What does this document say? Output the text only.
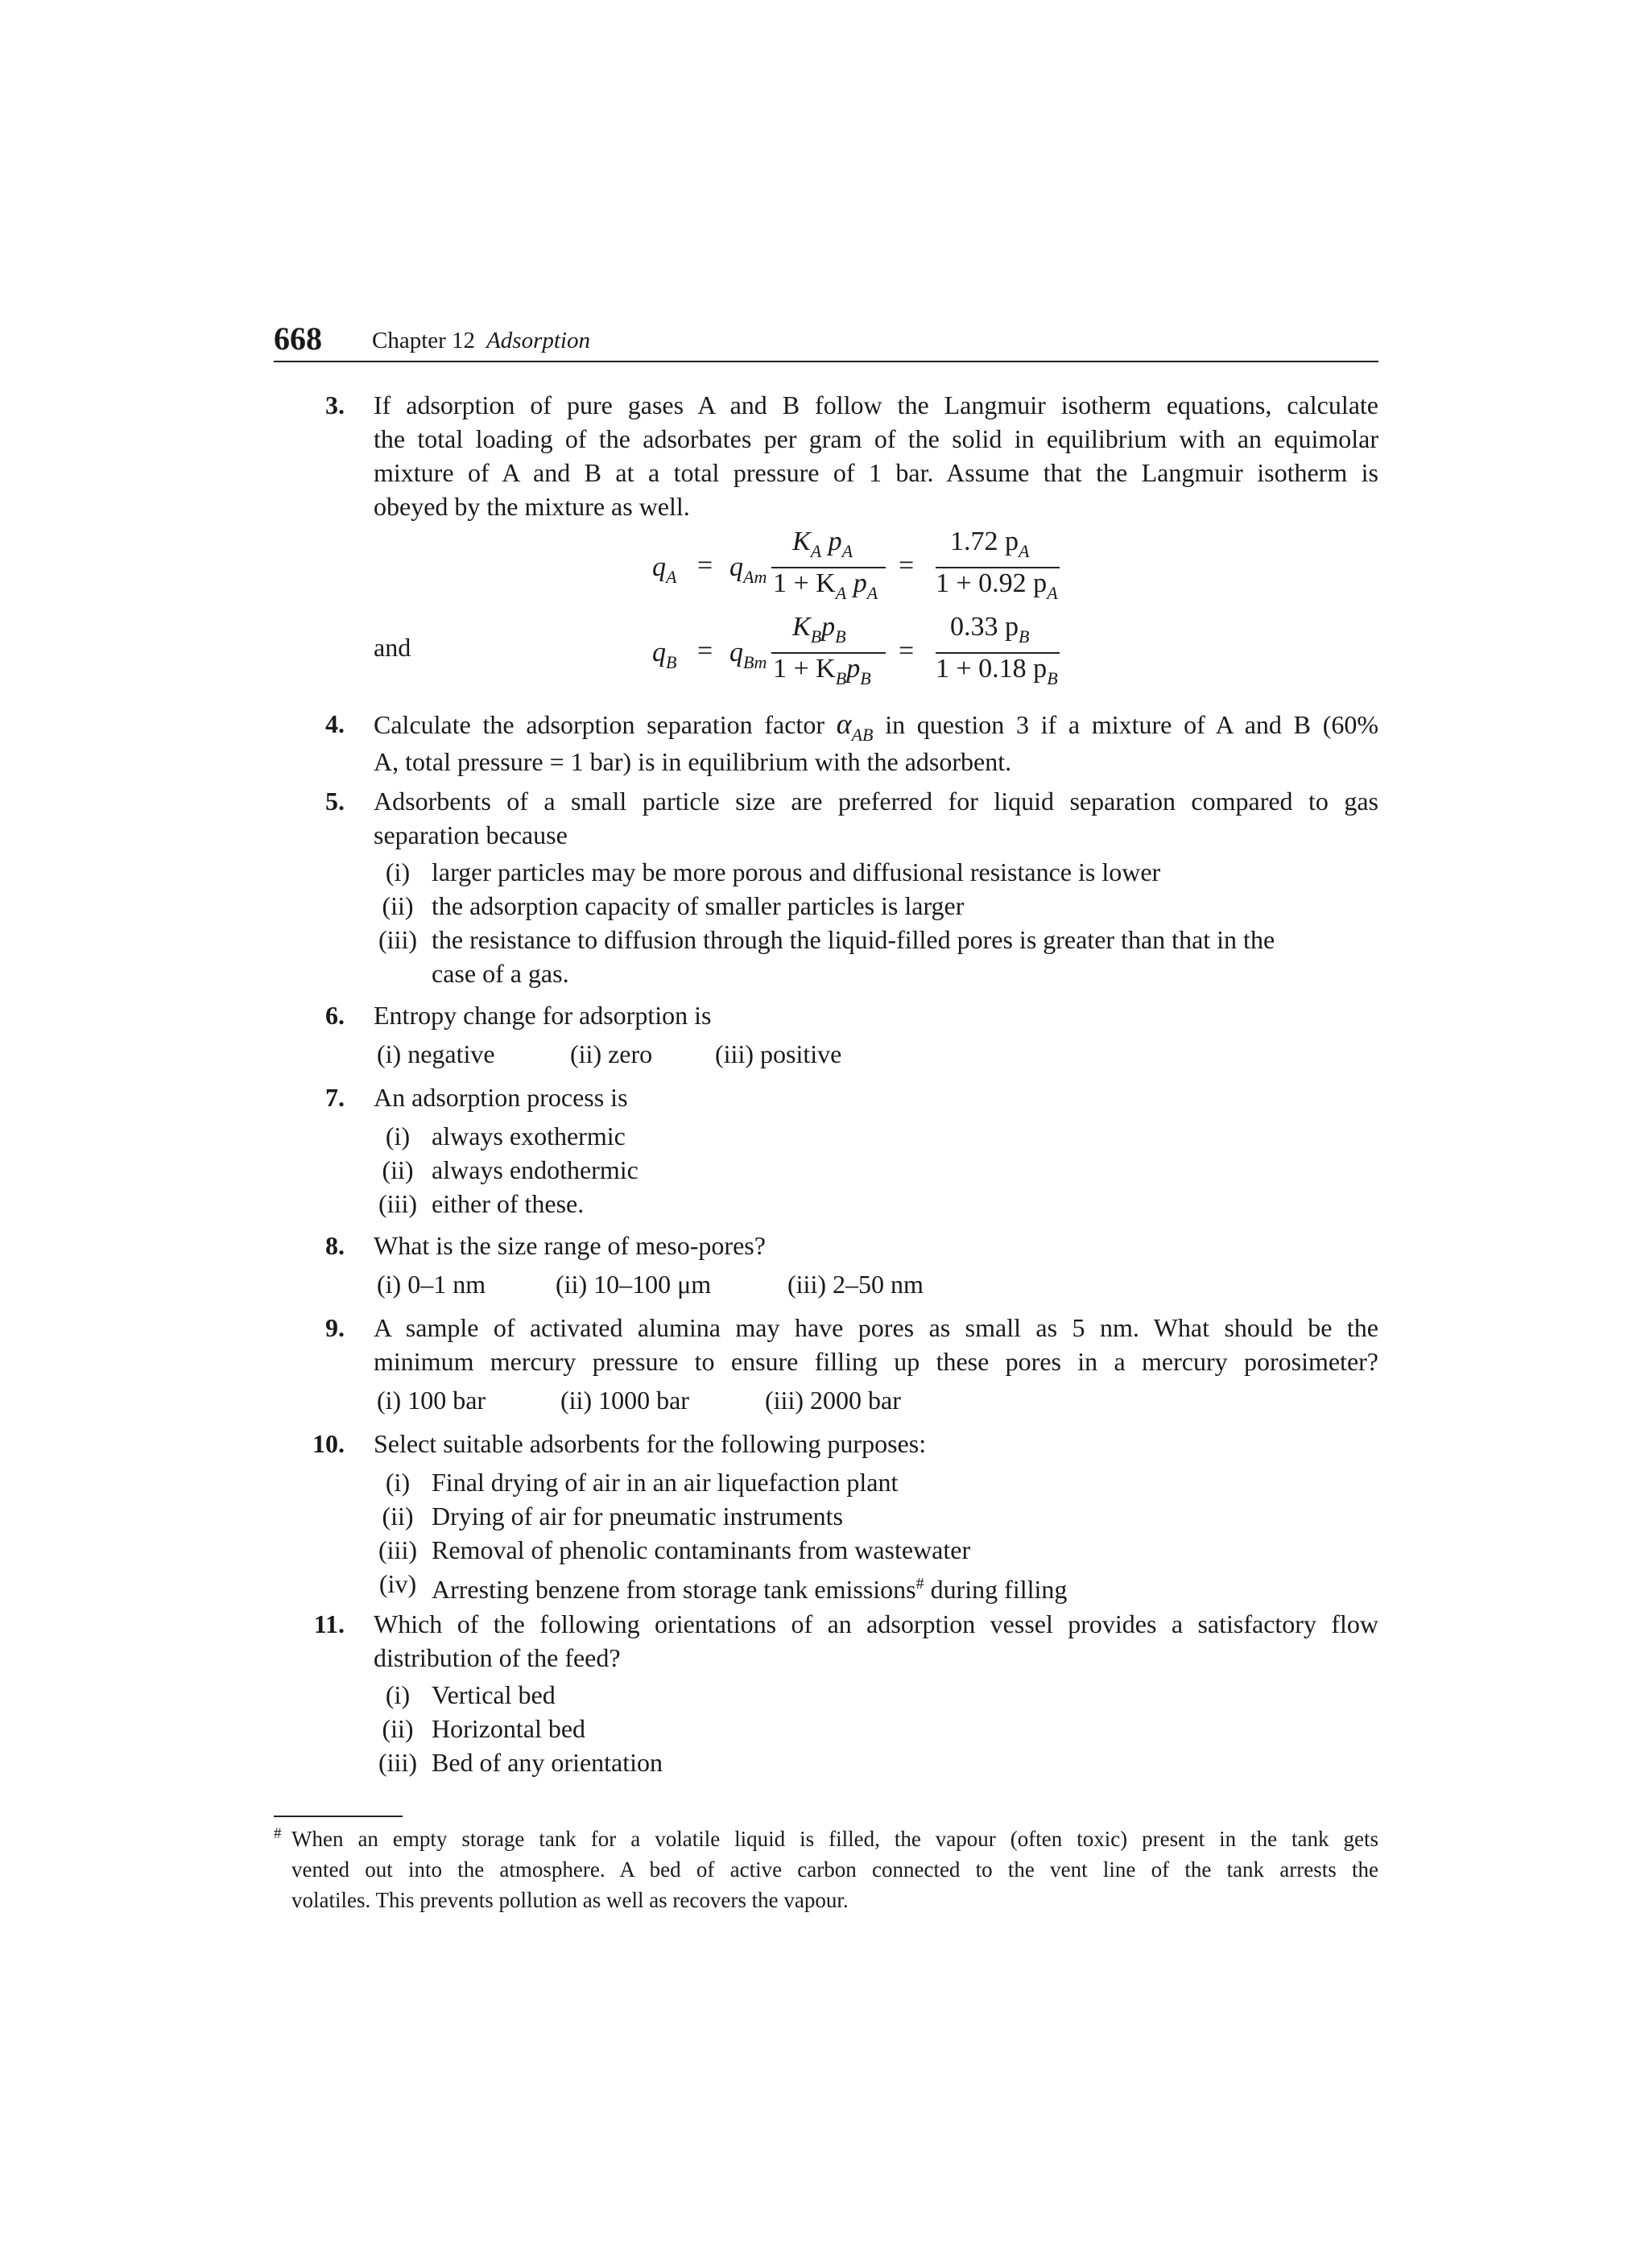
668 Chapter 12 Adsorption
3. If adsorption of pure gases A and B follow the Langmuir isotherm equations, calculate
the total loading of the adsorbates per gram of the solid in equilibrium with an equimolar
mixture of A and B at a total pressure of 1 bar. Assume that the Langmuir isotherm is
obeyed by the mixture as well.
$q_A = q_{Am}$
$K_A$ $p_A$
$1 + K_A$ $p_A$
=
1.72 $p_A$
1 + 0.92 $p_A$
and	$q_B = q_{Bm}$
$K_Bp_B$
$1 + K_Bp_B$
=
0.33 $p_B$
1 + 0.18 $p_B$
4. Calculate the adsorption separation factor $\alpha_{AB}$ in question 3 if a mixture of A and B (60%
A, total pressure = 1 bar) is in equilibrium with the adsorbent.
5. Adsorbents of a small particle size are preferred for liquid separation compared to gas
separation because
(i) larger particles may be more porous and diffusional resistance is lower
(ii) the adsorption capacity of smaller particles is larger
(iii) the resistance to diffusion through the liquid-filled pores is greater than that in the
case of a gas.
6. Entropy change for adsorption is
(i) negative	(ii) zero (iii) positive
7. An adsorption process is
(i) always exothermic
(ii) always endothermic
(iii) either of these.
8. What is the size range of meso-pores?
(i) 0–1 nm	(ii) 10–100 μm	(iii) 2–50 nm
9. A sample of activated alumina may have pores as small as 5 nm. What should be the
minimum mercury pressure to ensure filling up these pores in a mercury porosimeter?
(i) 100 bar	(ii) 1000 bar	(iii) 2000 bar
10. Select suitable adsorbents for the following purposes:
(i) Final drying of air in an air liquefaction plant
(ii) Drying of air for pneumatic instruments
(iii) Removal of phenolic contaminants from wastewater
(iv) Arresting benzene from storage tank emissions# during filling
11. Which of the following orientations of an adsorption vessel provides a satisfactory flow
distribution of the feed?
(i) Vertical bed
(ii) Horizontal bed
(iii) Bed of any orientation
# When an empty storage tank for a volatile liquid is filled, the vapour (often toxic) present in the tank gets
vented out into the atmosphere. A bed of active carbon connected to the vent line of the tank arrests the
volatiles. This prevents pollution as well as recovers the vapour.
